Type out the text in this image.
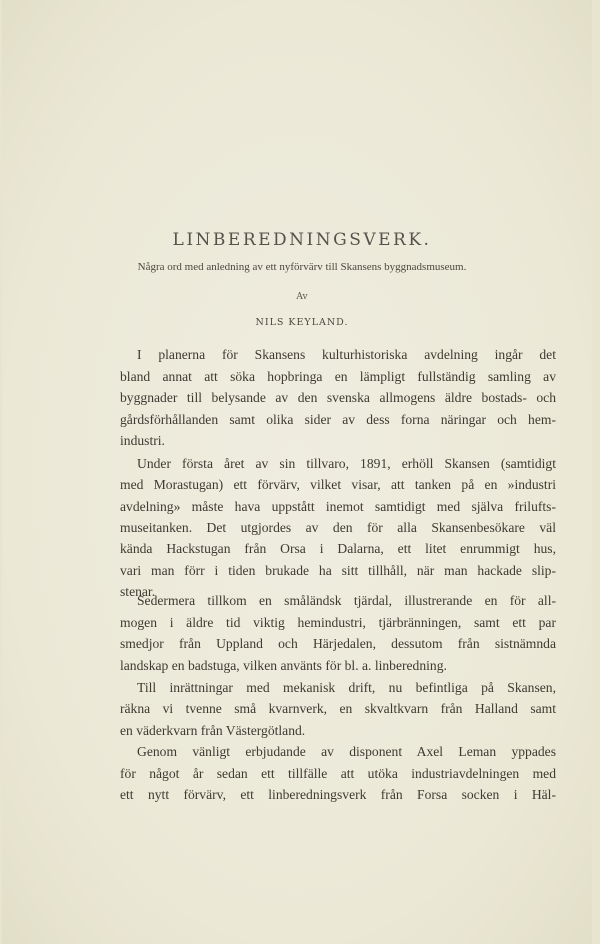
LINBEREDNINGSVERK.
Några ord med anledning av ett nyförvärv till Skansens byggnadsmuseum.
Av
NILS KEYLAND.
I planerna för Skansens kulturhistoriska avdelning ingår det
bland annat att söka hopbringa en lämpligt fullständig samling av
byggnader till belysande av den svenska allmogens äldre bostads- och
gårdsförhållanden samt olika sider av dess forna näringar och hem-
industri.
Under första året av sin tillvaro, 1891, erhöll Skansen (samtidigt
med Morastugan) ett förvärv, vilket visar, att tanken på en »industri
avdelning» måste hava uppstått inemot samtidigt med själva frilufts-
museitanken. Det utgjordes av den för alla Skansenbesökare väl
kända Hackstugan från Orsa i Dalarna, ett litet enrummigt hus,
vari man förr i tiden brukade ha sitt tillhåll, när man hackade slip-
stenar.
Sedermera tillkom en småländsk tjärdal, illustrerande en för all-
mogen i äldre tid viktig hemindustri, tjärbränningen, samt ett par
smedjor från Uppland och Härjedalen, dessutom från sistnämnda
landskap en badstuga, vilken använts för bl. a. linberedning.
Till inrättningar med mekanisk drift, nu befintliga på Skansen,
räkna vi tvenne små kvarnverk, en skvaltkvarn från Halland samt
en väderkvarn från Västergötland.
Genom vänligt erbjudande av disponent Axel Leman yppades
för något år sedan ett tillfälle att utöka industriavdelningen med
ett nytt förvärv, ett linberedningsverk från Forsa socken i Häl-
